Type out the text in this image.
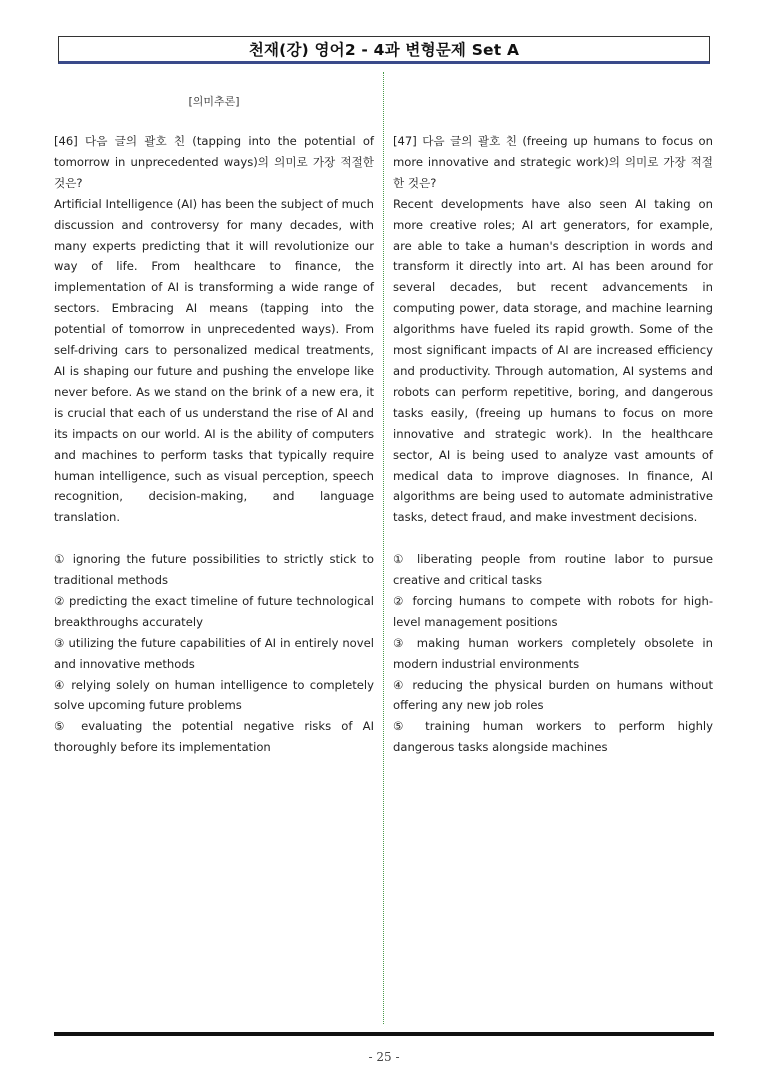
천재(강) 영어2 - 4과 변형문제 Set A
[의미추론]

[46] 다음 글의 괄호 친 (tapping into the potential of tomorrow in unprecedented ways)의 의미로 가장 적절한 것은?

Artificial Intelligence (AI) has been the subject of much discussion and controversy for many decades, with many experts predicting that it will revolutionize our way of life. From healthcare to finance, the implementation of AI is transforming a wide range of sectors. Embracing AI means (tapping into the potential of tomorrow in unprecedented ways). From self-driving cars to personalized medical treatments, AI is shaping our future and pushing the envelope like never before. As we stand on the brink of a new era, it is crucial that each of us understand the rise of AI and its impacts on our world. AI is the ability of computers and machines to perform tasks that typically require human intelligence, such as visual perception, speech recognition, decision-making, and language translation.

① ignoring the future possibilities to strictly stick to traditional methods

② predicting the exact timeline of future technological breakthroughs accurately

③ utilizing the future capabilities of AI in entirely novel and innovative methods

④ relying solely on human intelligence to completely solve upcoming future problems

⑤ evaluating the potential negative risks of AI thoroughly before its implementation

[47] 다음 글의 괄호 친 (freeing up humans to focus on more innovative and strategic work)의 의미로 가장 적절한 것은?

Recent developments have also seen AI taking on more creative roles; AI art generators, for example, are able to take a human's description in words and transform it directly into art. AI has been around for several decades, but recent advancements in computing power, data storage, and machine learning algorithms have fueled its rapid growth. Some of the most significant impacts of AI are increased efficiency and productivity. Through automation, AI systems and robots can perform repetitive, boring, and dangerous tasks easily, (freeing up humans to focus on more innovative and strategic work). In the healthcare sector, AI is being used to analyze vast amounts of medical data to improve diagnoses. In finance, AI algorithms are being used to automate administrative tasks, detect fraud, and make investment decisions.

① liberating people from routine labor to pursue creative and critical tasks

② forcing humans to compete with robots for high-level management positions

③ making human workers completely obsolete in modern industrial environments

④ reducing the physical burden on humans without offering any new job roles

⑤ training human workers to perform highly dangerous tasks alongside machines

- 25 -
